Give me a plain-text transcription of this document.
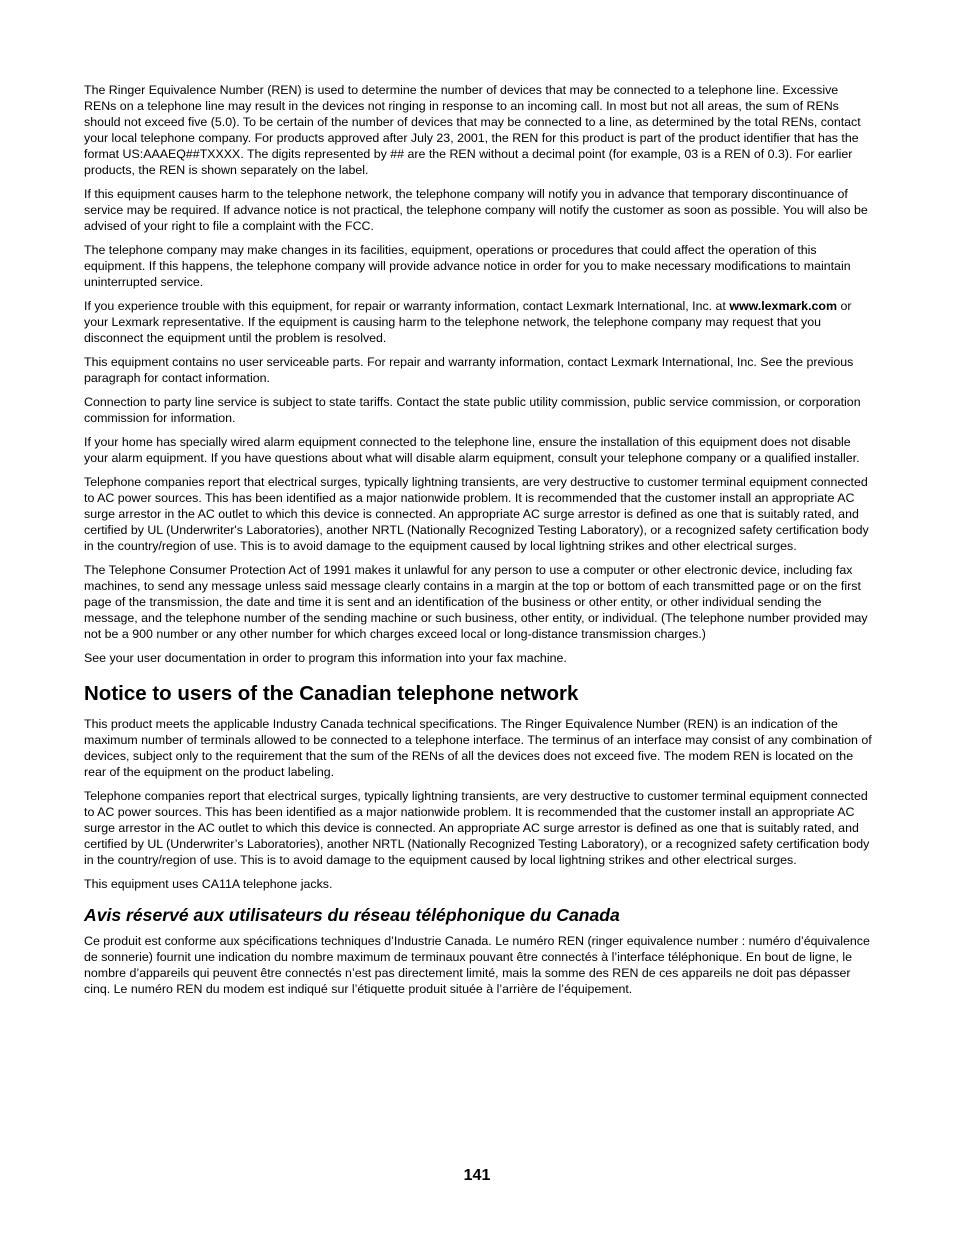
The Ringer Equivalence Number (REN) is used to determine the number of devices that may be connected to a telephone line. Excessive RENs on a telephone line may result in the devices not ringing in response to an incoming call. In most but not all areas, the sum of RENs should not exceed five (5.0). To be certain of the number of devices that may be connected to a line, as determined by the total RENs, contact your local telephone company. For products approved after July 23, 2001, the REN for this product is part of the product identifier that has the format US:AAAEQ##TXXXX. The digits represented by ## are the REN without a decimal point (for example, 03 is a REN of 0.3). For earlier products, the REN is shown separately on the label.

If this equipment causes harm to the telephone network, the telephone company will notify you in advance that temporary discontinuance of service may be required. If advance notice is not practical, the telephone company will notify the customer as soon as possible. You will also be advised of your right to file a complaint with the FCC.

The telephone company may make changes in its facilities, equipment, operations or procedures that could affect the operation of this equipment. If this happens, the telephone company will provide advance notice in order for you to make necessary modifications to maintain uninterrupted service.

If you experience trouble with this equipment, for repair or warranty information, contact Lexmark International, Inc. at www.lexmark.com or your Lexmark representative. If the equipment is causing harm to the telephone network, the telephone company may request that you disconnect the equipment until the problem is resolved.

This equipment contains no user serviceable parts. For repair and warranty information, contact Lexmark International, Inc. See the previous paragraph for contact information.

Connection to party line service is subject to state tariffs. Contact the state public utility commission, public service commission, or corporation commission for information.

If your home has specially wired alarm equipment connected to the telephone line, ensure the installation of this equipment does not disable your alarm equipment. If you have questions about what will disable alarm equipment, consult your telephone company or a qualified installer.

Telephone companies report that electrical surges, typically lightning transients, are very destructive to customer terminal equipment connected to AC power sources. This has been identified as a major nationwide problem. It is recommended that the customer install an appropriate AC surge arrestor in the AC outlet to which this device is connected. An appropriate AC surge arrestor is defined as one that is suitably rated, and certified by UL (Underwriter's Laboratories), another NRTL (Nationally Recognized Testing Laboratory), or a recognized safety certification body in the country/region of use. This is to avoid damage to the equipment caused by local lightning strikes and other electrical surges.

The Telephone Consumer Protection Act of 1991 makes it unlawful for any person to use a computer or other electronic device, including fax machines, to send any message unless said message clearly contains in a margin at the top or bottom of each transmitted page or on the first page of the transmission, the date and time it is sent and an identification of the business or other entity, or other individual sending the message, and the telephone number of the sending machine or such business, other entity, or individual. (The telephone number provided may not be a 900 number or any other number for which charges exceed local or long-distance transmission charges.)

See your user documentation in order to program this information into your fax machine.

Notice to users of the Canadian telephone network

This product meets the applicable Industry Canada technical specifications. The Ringer Equivalence Number (REN) is an indication of the maximum number of terminals allowed to be connected to a telephone interface. The terminus of an interface may consist of any combination of devices, subject only to the requirement that the sum of the RENs of all the devices does not exceed five. The modem REN is located on the rear of the equipment on the product labeling.

Telephone companies report that electrical surges, typically lightning transients, are very destructive to customer terminal equipment connected to AC power sources. This has been identified as a major nationwide problem. It is recommended that the customer install an appropriate AC surge arrestor in the AC outlet to which this device is connected. An appropriate AC surge arrestor is defined as one that is suitably rated, and certified by UL (Underwriter’s Laboratories), another NRTL (Nationally Recognized Testing Laboratory), or a recognized safety certification body in the country/region of use. This is to avoid damage to the equipment caused by local lightning strikes and other electrical surges.

This equipment uses CA11A telephone jacks.

Avis réservé aux utilisateurs du réseau téléphonique du Canada

Ce produit est conforme aux spécifications techniques d’Industrie Canada. Le numéro REN (ringer equivalence number : numéro d’équivalence de sonnerie) fournit une indication du nombre maximum de terminaux pouvant être connectés à l’interface téléphonique. En bout de ligne, le nombre d’appareils qui peuvent être connectés n’est pas directement limité, mais la somme des REN de ces appareils ne doit pas dépasser cinq. Le numéro REN du modem est indiqué sur l’étiquette produit située à l’arrière de l’équipement.

141
